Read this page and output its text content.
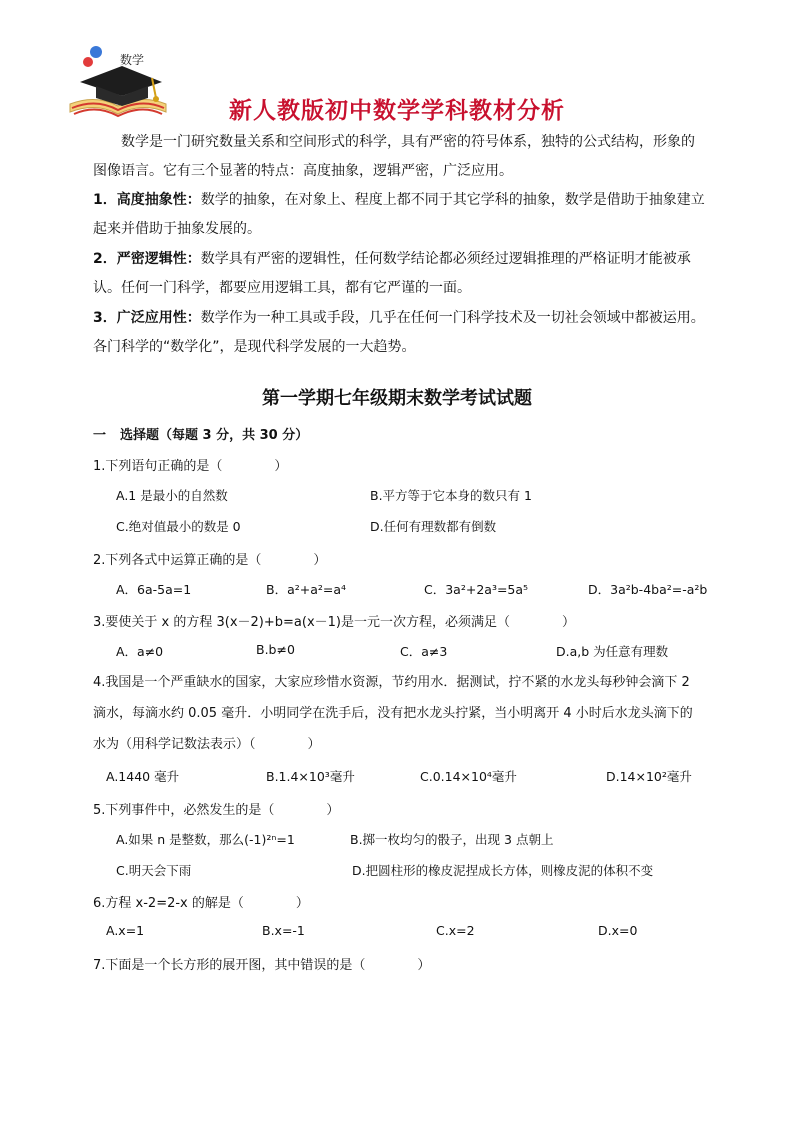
数学
新人教版初中数学学科教材分析
数学是一门研究数量关系和空间形式的科学，具有严密的符号体系，独特的公式结构，形象的图像语言。它有三个显著的特点：高度抽象，逻辑严密，广泛应用。
1．高度抽象性：数学的抽象，在对象上、程度上都不同于其它学科的抽象，数学是借助于抽象建立起来并借助于抽象发展的。
2．严密逻辑性：数学具有严密的逻辑性，任何数学结论都必须经过逻辑推理的严格证明才能被承认。任何一门科学，都要应用逻辑工具，都有它严谨的一面。
3．广泛应用性：数学作为一种工具或手段，几乎在任何一门科学技术及一切社会领域中都被运用。各门科学的“数学化”，是现代科学发展的一大趋势。
第一学期七年级期末数学考试试题
一 选择题（每题 3 分，共 30 分）
1.下列语句正确的是（　　　　）
A.1 是最小的自然数	B.平方等于它本身的数只有 1
C.绝对值最小的数是 0	D.任何有理数都有倒数
2.下列各式中运算正确的是（　　　　）
A．6a-5a=1	B．a²+a²=a⁴	C．3a²+2a³=5a⁵	D．3a²b-4ba²=-a²b
3.要使关于 x 的方程 3(x－2)+b=a(x－1)是一元一次方程，必须满足（　　　　）
A．a≠0	B.b≠0	C．a≠3	D.a,b 为任意有理数
4.我国是一个严重缺水的国家，大家应珍惜水资源，节约用水．据测试，拧不紧的水龙头每秒钟会滴下 2 滴水，每滴水约 0.05 毫升．小明同学在洗手后，没有把水龙头拧紧，当小明离开 4 小时后水龙头滴下的水为（用科学记数法表示）（　　　　）
A.1440 毫升	B.1.4×10³毫升	C.0.14×10⁴毫升	D.14×10²毫升
5.下列事件中，必然发生的是（　　　　）
A.如果 n 是整数，那么(-1)²ⁿ=1	B.掷一枚均匀的骰子，出现 3 点朝上
C.明天会下雨	D.把圆柱形的橡皮泥捏成长方体，则橡皮泥的体积不变
6.方程 x-2=2-x 的解是（　　　　）
A.x=1	B.x=-1	C.x=2	D.x=0
7.下面是一个长方形的展开图，其中错误的是（　　　　）
